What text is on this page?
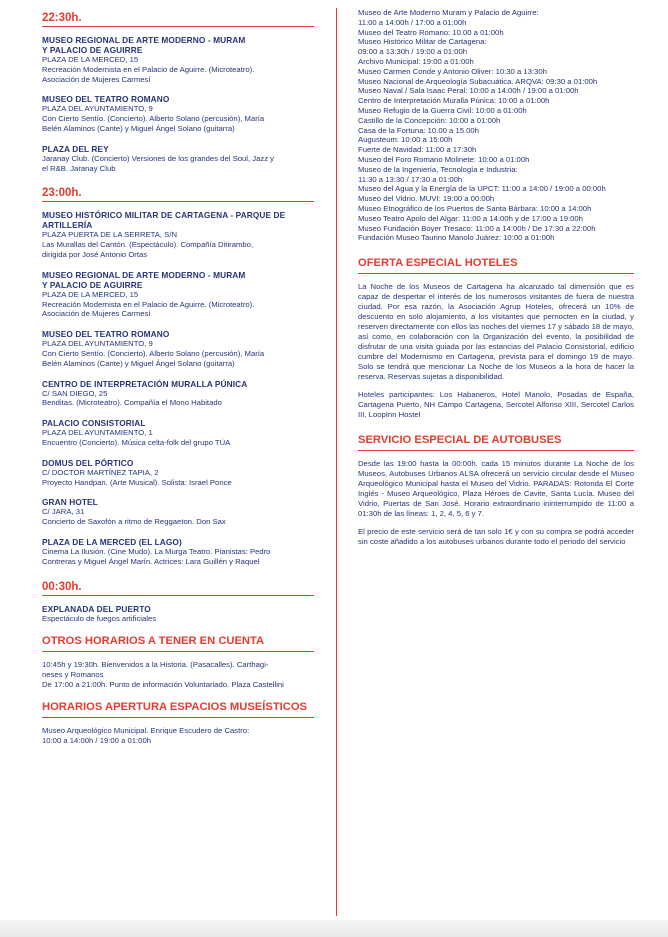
22:30h.
MUSEO REGIONAL DE ARTE MODERNO - MURAM
Y PALACIO DE AGUIRRE
PLAZA DE LA MERCED, 15
Recreación Modernista en el Palacio de Aguirre. (Microteatro).
Asociación de Mujeres Carmesí
MUSEO DEL TEATRO ROMANO
PLAZA DEL AYUNTAMIENTO, 9
Con Cierto Sentío. (Concierto). Alberto Solano (percusión), María
Belén Alaminos (Cante) y Miguel Ángel Solano (guitarra)
PLAZA DEL REY
Jaranay Club. (Concierto) Versiones de los grandes del Soul, Jazz y
el R&B. Jaranay Club
23:00h.
MUSEO HISTÓRICO MILITAR DE CARTAGENA - PARQUE DE
ARTILLERÍA
PLAZA PUERTA DE LA SERRETA, S/N
Las Murallas del Cantón. (Espectáculo). Compañía Ditirambo,
dirigida por José Antonio Ortas
MUSEO REGIONAL DE ARTE MODERNO - MURAM
Y PALACIO DE AGUIRRE
PLAZA DE LA MERCED, 15
Recreación Modernista en el Palacio de Aguirre. (Microteatro).
Asociación de Mujeres Carmesí
MUSEO DEL TEATRO ROMANO
PLAZA DEL AYUNTAMIENTO, 9
Con Cierto Sentío. (Concierto). Alberto Solano (percusión), María
Belén Alaminos (Cante) y Miguel Ángel Solano (guitarra)
CENTRO DE INTERPRETACIÓN MURALLA PÚNICA
C/ SAN DIEGO, 25
Benditas. (Microteatro). Compañía el Mono Habitado
PALACIO CONSISTORIAL
PLAZA DEL AYUNTAMIENTO, 1
Encuentro (Concierto). Música celta-folk del grupo TÚA
DOMUS DEL PÓRTICO
C/ DOCTOR MARTÍNEZ TAPIA, 2
Proyecto Handpan. (Arte Musical). Solista: Israel Ponce
GRAN HOTEL
C/ JARA, 31
Concierto de Saxofón a ritmo de Reggaeton. Don Sax
PLAZA DE LA MERCED (EL LAGO)
Cinema La Ilusión. (Cine Mudo). La Murga Teatro. Pianistas: Pedro
Contreras y Miguel Ángel Marín. Actrices: Lara Guillén y Raquel
00:30h.
EXPLANADA DEL PUERTO
Espectáculo de fuegos artificiales
OTROS HORARIOS A TENER EN CUENTA
10:45h y 19:30h. Bienvenidos a la Historia. (Pasacalles). Carthagi-
neses y Romanos
De 17:00 a 21:00h. Punto de información Voluntariado. Plaza Castellini
HORARIOS APERTURA ESPACIOS MUSEÍSTICOS
Museo Arqueológico Municipal. Enrique Escudero de Castro:
10:00 a 14:00h / 19:00 a 01:00h
Museo de Arte Moderno Muram y Palacio de Aguirre:
11:00 a 14:00h / 17:00 a 01:00h
Museo del Teatro Romano: 10.00 a 01:00h
Museo Histórico Militar de Cartagena:
09:00 a 13:30h / 19:00 a 01:00h
Archivo Municipal: 19:00 a 01:00h
Museo Carmen Conde y Antonio Oliver: 10:30 a 13:30h
Museo Nacional de Arqueología Subacuática. ARQVA: 09:30 a 01:00h
Museo Naval / Sala Isaac Peral: 10:00 a 14:00h / 19:00 a 01:00h
Centro de Interpretación Muralla Púnica: 10:00 a 01:00h
Museo Refugio de la Guerra Civil: 10:00 a 01:00h
Castillo de la Concepción: 10:00 a 01:00h
Casa de la Fortuna: 10.00 a 15.00h
Augusteum: 10:00 a 15:00h
Fuerte de Navidad: 11:00 a 17:30h
Museo del Foro Romano Molinete: 10:00 a 01:00h
Museo de la Ingeniería, Tecnología e Industria:
11:30 a 13:30 / 17:30 a 01:00h
Museo del Agua y la Energía de la UPCT: 11:00 a 14:00 / 19:00 a 00:00h
Museo del Vidrio. MUVI: 19:00 a 00:00h
Museo Etnográfico de los Puertos de Santa Bárbara: 10:00 a 14:00h
Museo Teatro Apolo del Algar: 11:00 a 14:00h y de 17:00 a 19:00h
Museo Fundación Boyer Tresaco: 11:00 a 14:00h / De 17:30 a 22:00h
Fundación Museo Taurino Manolo Juárez: 10:00 a 01:00h
OFERTA ESPECIAL HOTELES

La Noche de los Museos de Cartagena ha alcanzado tal dimensión que es capaz de despertar el interés de los numerosos visitantes de fuera de nuestra ciudad. Por esa razón, la Asociación Agrup Hoteles, ofrecerá un 10% de descuento en solo alojamiento, a los visitantes que pernocten en la ciudad, y reserven directamente con ellos las noches del viernes 17 y sábado 18 de mayo, así como, en colaboración con la Organización del evento, la posibilidad de disfrutar de una visita guiada por las estancias del Palacio Consistorial, edificio cumbre del Modernismo en Cartagena, prevista para el domingo 19 de mayo. Solo se tendrá que mencionar La Noche de los Museos a la hora de hacer la reserva. Reservas sujetas a disponibilidad.

Hoteles participantes: Los Habaneros, Hotel Manolo, Posadas de España, Cartagena Puerto, NH Campo Cartagena, Sercotel Alfonso XIII, Sercotel Carlos III, LoopInn Hostel

SERVICIO ESPECIAL DE AUTOBUSES

Desde las 19:00 hasta la 00:00h. cada 15 minutos durante La Noche de los Museos, Autobuses Urbanos ALSA ofrecerá un servicio circular desde el Museo Arqueológico Municipal hasta el Museo del Vidrio. PARADAS: Rotonda El Corte Inglés - Museo Arqueológico, Plaza Héroes de Cavite, Santa Lucía. Museo del Vidrio, Puertas de San José. Horario extraordinario ininterrumpido de 11:00 a 01:30h de las líneas: 1, 2, 4, 5, 6 y 7.

El precio de este servicio será de tan solo 1€ y con su compra se podrá acceder sin coste añadido a los autobuses urbanos durante todo el periodo del servicio
